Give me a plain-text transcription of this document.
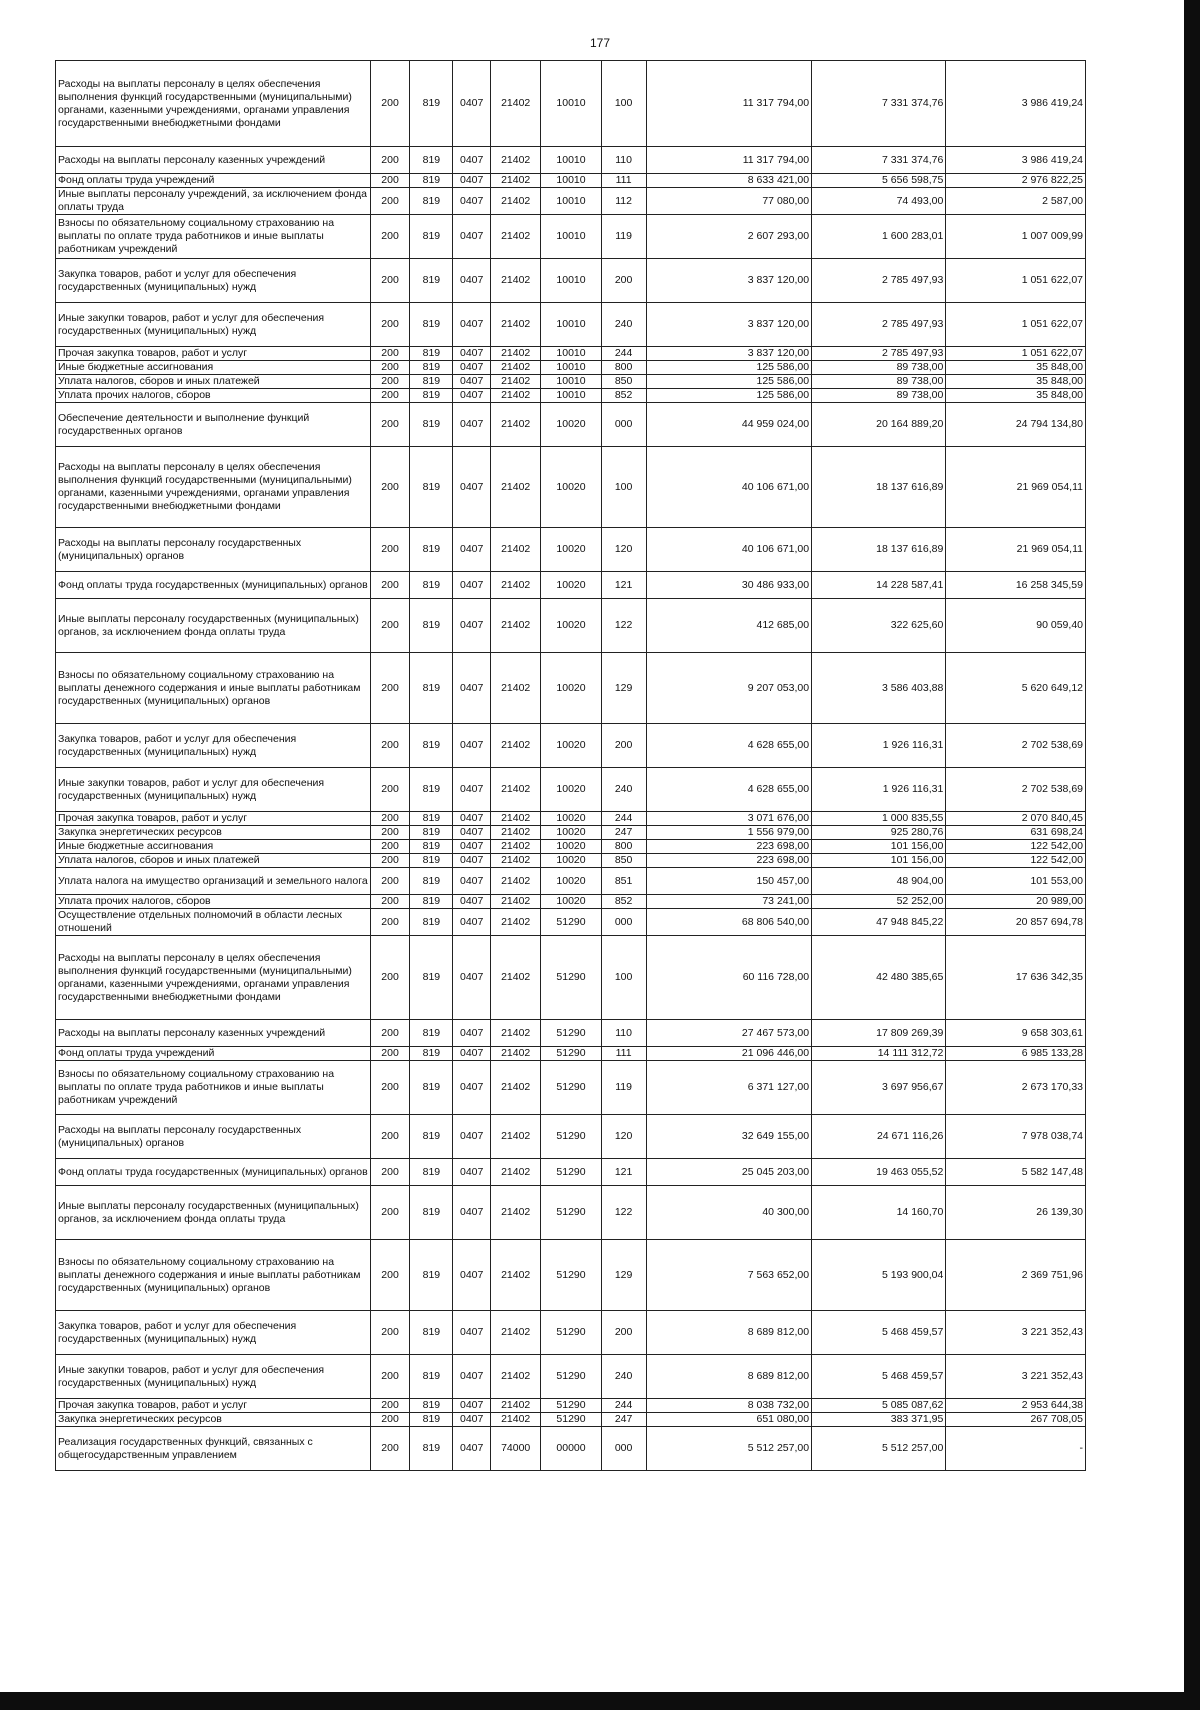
177
Расходы на выплаты персоналу в целях обеспечения выполнения функций государственными (муниципальными) органами, казенными учреждениями, органами управления государственными внебюджетными фондами	200	819	0407	21402	10010	100	11 317 794,00	7 331 374,76	3 986 419,24
Расходы на выплаты персоналу казенных учреждений	200	819	0407	21402	10010	110	11 317 794,00	7 331 374,76	3 986 419,24
Фонд оплаты труда учреждений	200	819	0407	21402	10010	111	8 633 421,00	5 656 598,75	2 976 822,25
Иные выплаты персоналу учреждений, за исключением фонда оплаты труда	200	819	0407	21402	10010	112	77 080,00	74 493,00	2 587,00
Взносы по обязательному социальному страхованию на выплаты по оплате труда работников и иные выплаты работникам учреждений	200	819	0407	21402	10010	119	2 607 293,00	1 600 283,01	1 007 009,99
Закупка товаров, работ и услуг для обеспечения государственных (муниципальных) нужд	200	819	0407	21402	10010	200	3 837 120,00	2 785 497,93	1 051 622,07
Иные закупки товаров, работ и услуг для обеспечения государственных (муниципальных) нужд	200	819	0407	21402	10010	240	3 837 120,00	2 785 497,93	1 051 622,07
Прочая закупка товаров, работ и услуг	200	819	0407	21402	10010	244	3 837 120,00	2 785 497,93	1 051 622,07
Иные бюджетные ассигнования	200	819	0407	21402	10010	800	125 586,00	89 738,00	35 848,00
Уплата налогов, сборов и иных платежей	200	819	0407	21402	10010	850	125 586,00	89 738,00	35 848,00
Уплата прочих налогов, сборов	200	819	0407	21402	10010	852	125 586,00	89 738,00	35 848,00
Обеспечение деятельности и выполнение функций государственных органов	200	819	0407	21402	10020	000	44 959 024,00	20 164 889,20	24 794 134,80
Расходы на выплаты персоналу в целях обеспечения выполнения функций государственными (муниципальными) органами, казенными учреждениями, органами управления государственными внебюджетными фондами	200	819	0407	21402	10020	100	40 106 671,00	18 137 616,89	21 969 054,11
Расходы на выплаты персоналу государственных (муниципальных) органов	200	819	0407	21402	10020	120	40 106 671,00	18 137 616,89	21 969 054,11
Фонд оплаты труда государственных (муниципальных) органов	200	819	0407	21402	10020	121	30 486 933,00	14 228 587,41	16 258 345,59
Иные выплаты персоналу государственных (муниципальных) органов, за исключением фонда оплаты труда	200	819	0407	21402	10020	122	412 685,00	322 625,60	90 059,40
Взносы по обязательному социальному страхованию на выплаты денежного содержания и иные выплаты работникам государственных (муниципальных) органов	200	819	0407	21402	10020	129	9 207 053,00	3 586 403,88	5 620 649,12
Закупка товаров, работ и услуг для обеспечения государственных (муниципальных) нужд	200	819	0407	21402	10020	200	4 628 655,00	1 926 116,31	2 702 538,69
Иные закупки товаров, работ и услуг для обеспечения государственных (муниципальных) нужд	200	819	0407	21402	10020	240	4 628 655,00	1 926 116,31	2 702 538,69
Прочая закупка товаров, работ и услуг	200	819	0407	21402	10020	244	3 071 676,00	1 000 835,55	2 070 840,45
Закупка энергетических ресурсов	200	819	0407	21402	10020	247	1 556 979,00	925 280,76	631 698,24
Иные бюджетные ассигнования	200	819	0407	21402	10020	800	223 698,00	101 156,00	122 542,00
Уплата налогов, сборов и иных платежей	200	819	0407	21402	10020	850	223 698,00	101 156,00	122 542,00
Уплата налога на имущество организаций и земельного налога	200	819	0407	21402	10020	851	150 457,00	48 904,00	101 553,00
Уплата прочих налогов, сборов	200	819	0407	21402	10020	852	73 241,00	52 252,00	20 989,00
Осуществление отдельных полномочий в области лесных отношений	200	819	0407	21402	51290	000	68 806 540,00	47 948 845,22	20 857 694,78
Расходы на выплаты персоналу в целях обеспечения выполнения функций государственными (муниципальными) органами, казенными учреждениями, органами управления государственными внебюджетными фондами	200	819	0407	21402	51290	100	60 116 728,00	42 480 385,65	17 636 342,35
Расходы на выплаты персоналу казенных учреждений	200	819	0407	21402	51290	110	27 467 573,00	17 809 269,39	9 658 303,61
Фонд оплаты труда учреждений	200	819	0407	21402	51290	111	21 096 446,00	14 111 312,72	6 985 133,28
Взносы по обязательному социальному страхованию на выплаты по оплате труда работников и иные выплаты работникам учреждений	200	819	0407	21402	51290	119	6 371 127,00	3 697 956,67	2 673 170,33
Расходы на выплаты персоналу государственных (муниципальных) органов	200	819	0407	21402	51290	120	32 649 155,00	24 671 116,26	7 978 038,74
Фонд оплаты труда государственных (муниципальных) органов	200	819	0407	21402	51290	121	25 045 203,00	19 463 055,52	5 582 147,48
Иные выплаты персоналу государственных (муниципальных) органов, за исключением фонда оплаты труда	200	819	0407	21402	51290	122	40 300,00	14 160,70	26 139,30
Взносы по обязательному социальному страхованию на выплаты денежного содержания и иные выплаты работникам государственных (муниципальных) органов	200	819	0407	21402	51290	129	7 563 652,00	5 193 900,04	2 369 751,96
Закупка товаров, работ и услуг для обеспечения государственных (муниципальных) нужд	200	819	0407	21402	51290	200	8 689 812,00	5 468 459,57	3 221 352,43
Иные закупки товаров, работ и услуг для обеспечения государственных (муниципальных) нужд	200	819	0407	21402	51290	240	8 689 812,00	5 468 459,57	3 221 352,43
Прочая закупка товаров, работ и услуг	200	819	0407	21402	51290	244	8 038 732,00	5 085 087,62	2 953 644,38
Закупка энергетических ресурсов	200	819	0407	21402	51290	247	651 080,00	383 371,95	267 708,05
Реализация государственных функций, связанных с общегосударственным управлением	200	819	0407	74000	00000	000	5 512 257,00	5 512 257,00	-
